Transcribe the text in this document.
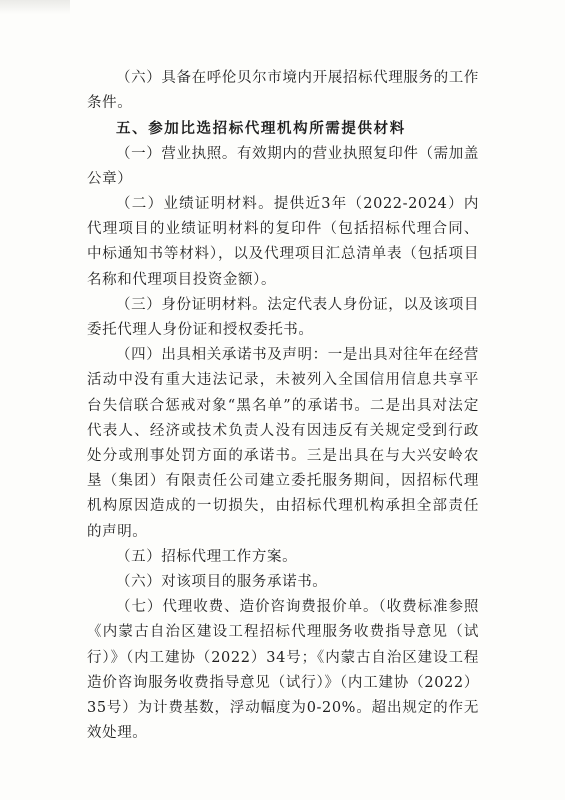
（六）具备在呼伦贝尔市境内开展招标代理服务的工作条件。

五、参加比选招标代理机构所需提供材料

（一）营业执照。有效期内的营业执照复印件（需加盖公章）

（二）业绩证明材料。提供近3年（2022-2024）内代理项目的业绩证明材料的复印件（包括招标代理合同、中标通知书等材料），以及代理项目汇总清单表（包括项目名称和代理项目投资金额）。

（三）身份证明材料。法定代表人身份证，以及该项目委托代理人身份证和授权委托书。

（四）出具相关承诺书及声明：一是出具对往年在经营活动中没有重大违法记录，未被列入全国信用信息共享平台失信联合惩戒对象“黑名单”的承诺书。二是出具对法定代表人、经济或技术负责人没有因违反有关规定受到行政处分或刑事处罚方面的承诺书。三是出具在与大兴安岭农垦（集团）有限责任公司建立委托服务期间，因招标代理机构原因造成的一切损失，由招标代理机构承担全部责任的声明。

（五）招标代理工作方案。

（六）对该项目的服务承诺书。

（七）代理收费、造价咨询费报价单。（收费标准参照《内蒙古自治区建设工程招标代理服务收费指导意见（试行）》（内工建协（2022）34号；《内蒙古自治区建设工程造价咨询服务收费指导意见（试行）》（内工建协（2022）35号）为计费基数，浮动幅度为0-20%。超出规定的作无效处理。
